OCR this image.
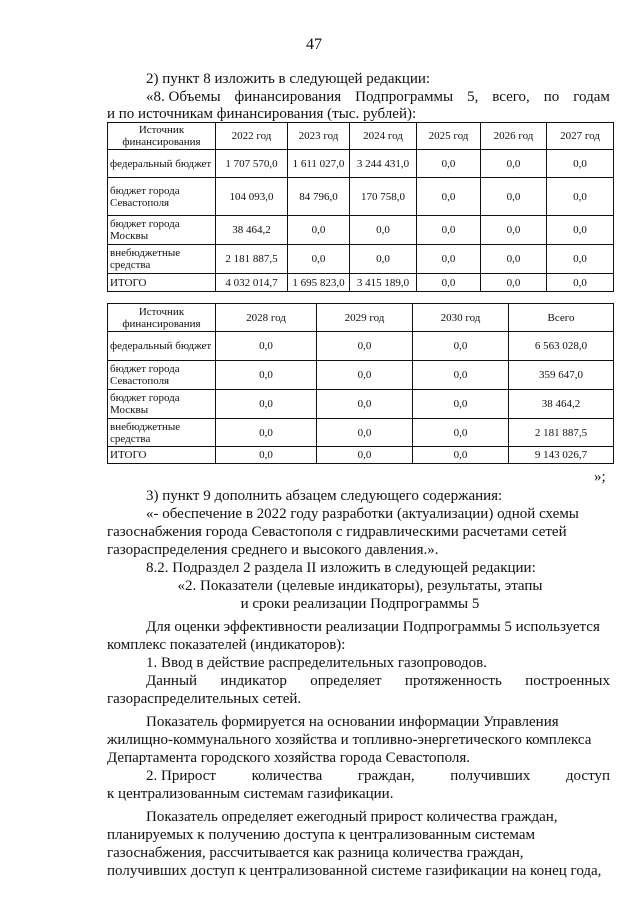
47
2) пункт 8 изложить в следующей редакции:
«8. Объемы финансирования Подпрограммы 5, всего, по годам
и по источникам финансирования (тыс. рублей):
Источник финансирования	2022 год	2023 год	2024 год	2025 год	2026 год	2027 год
федеральный бюджет	1 707 570,0	1 611 027,0	3 244 431,0	0,0	0,0	0,0
бюджет города Севастополя	104 093,0	84 796,0	170 758,0	0,0	0,0	0,0
бюджет города Москвы	38 464,2	0,0	0,0	0,0	0,0	0,0
внебюджетные средства	2 181 887,5	0,0	0,0	0,0	0,0	0,0
ИТОГО	4 032 014,7	1 695 823,0	3 415 189,0	0,0	0,0	0,0
Источник финансирования	2028 год	2029 год	2030 год	Всего
федеральный бюджет	0,0	0,0	0,0	6 563 028,0
бюджет города Севастополя	0,0	0,0	0,0	359 647,0
бюджет города Москвы	0,0	0,0	0,0	38 464,2
внебюджетные средства	0,0	0,0	0,0	2 181 887,5
ИТОГО	0,0	0,0	0,0	9 143 026,7
»;
3) пункт 9 дополнить абзацем следующего содержания:
«- обеспечение в 2022 году разработки (актуализации) одной схемы
газоснабжения города Севастополя с гидравлическими расчетами сетей
газораспределения среднего и высокого давления.».
8.2. Подраздел 2 раздела II изложить в следующей редакции:
«2. Показатели (целевые индикаторы), результаты, этапы
и сроки реализации Подпрограммы 5
Для оценки эффективности реализации Подпрограммы 5 используется
комплекс показателей (индикаторов):
1. Ввод в действие распределительных газопроводов.
Данный индикатор определяет протяженность построенных
газораспределительных сетей.
Показатель формируется на основании информации Управления
жилищно-коммунального хозяйства и топливно-энергетического комплекса
Департамента городского хозяйства города Севастополя.
2. Прирост количества граждан, получивших доступ
к централизованным системам газификации.
Показатель определяет ежегодный прирост количества граждан,
планируемых к получению доступа к централизованным системам
газоснабжения, рассчитывается как разница количества граждан,
получивших доступ к централизованной системе газификации на конец года,
